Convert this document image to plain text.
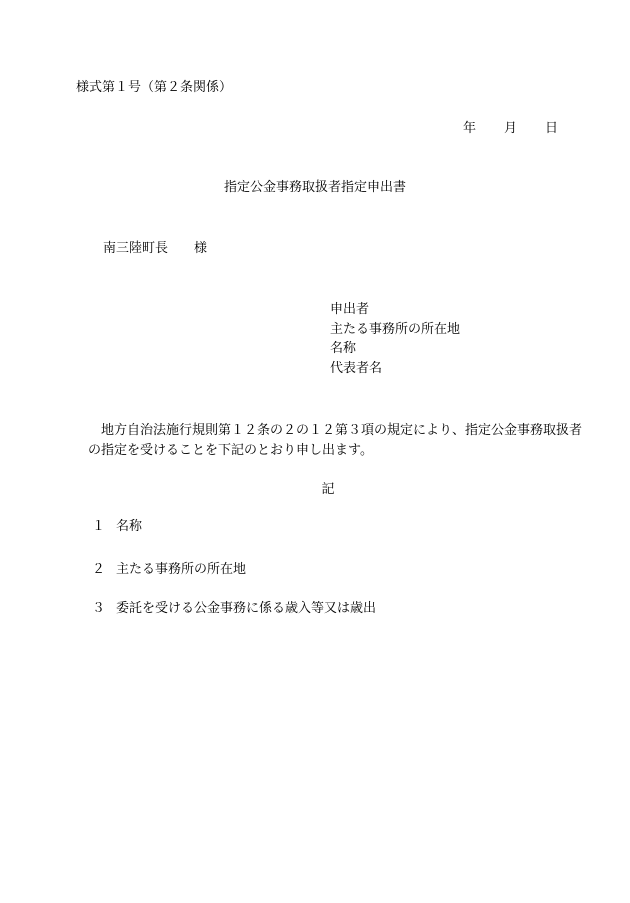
様式第１号（第２条関係）
年 月 日
指定公金事務取扱者指定申出書
南三陸町長 様
申出者
主たる事務所の所在地
名称
代表者名
地方自治法施行規則第１２条の２の１２第３項の規定により、指定公金事務取扱者の指定を受けることを下記のとおり申し出ます。
記
１ 名称
２ 主たる事務所の所在地
３ 委託を受ける公金事務に係る歳入等又は歳出
